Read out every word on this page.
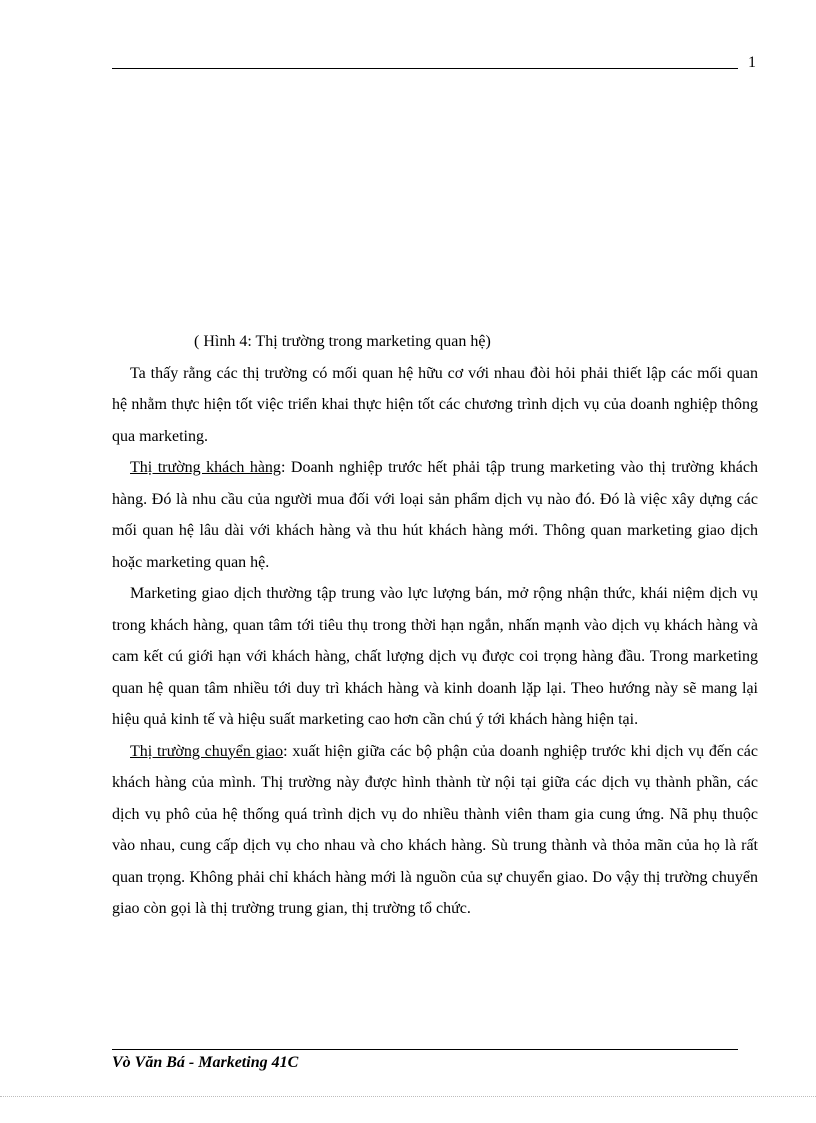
1

( Hình 4: Thị trường trong marketing quan hệ)

Ta thấy rằng các thị trường có mối quan hệ hữu cơ với nhau đòi hỏi phải thiết lập các mối quan hệ nhằm thực hiện tốt việc triển khai thực hiện tốt các chương trình dịch vụ của doanh nghiệp thông qua marketing.

Thị trường khách hàng: Doanh nghiệp trước hết phải tập trung marketing vào thị trường khách hàng. Đó là nhu cầu của người mua đối với loại sản phẩm dịch vụ nào đó. Đó là việc xây dựng các mối quan hệ lâu dài với khách hàng và thu hút khách hàng mới. Thông quan marketing giao dịch hoặc marketing quan hệ.

Marketing giao dịch thường tập trung vào lực lượng bán, mở rộng nhận thức, khái niệm dịch vụ trong khách hàng, quan tâm tới tiêu thụ trong thời hạn ngắn, nhấn mạnh vào dịch vụ khách hàng và cam kết cú giới hạn với khách hàng, chất lượng dịch vụ được coi trọng hàng đầu. Trong marketing quan hệ quan tâm nhiều tới duy trì khách hàng và kinh doanh lặp lại. Theo hướng này sẽ mang lại hiệu quả kinh tế và hiệu suất marketing cao hơn cần chú ý tới khách hàng hiện tại.

Thị trường chuyển giao: xuất hiện giữa các bộ phận của doanh nghiệp trước khi dịch vụ đến các khách hàng của mình. Thị trường này được hình thành từ nội tại giữa các dịch vụ thành phần, các dịch vụ phô của hệ thống quá trình dịch vụ do nhiều thành viên tham gia cung ứng. Nã phụ thuộc vào nhau, cung cấp dịch vụ cho nhau và cho khách hàng. Sù trung thành và thỏa mãn của họ là rất quan trọng. Không phải chỉ khách hàng mới là nguồn của sự chuyển giao. Do vậy thị trường chuyển giao còn gọi là thị trường trung gian, thị trường tổ chức.

Vò Văn Bá - Marketing 41C
